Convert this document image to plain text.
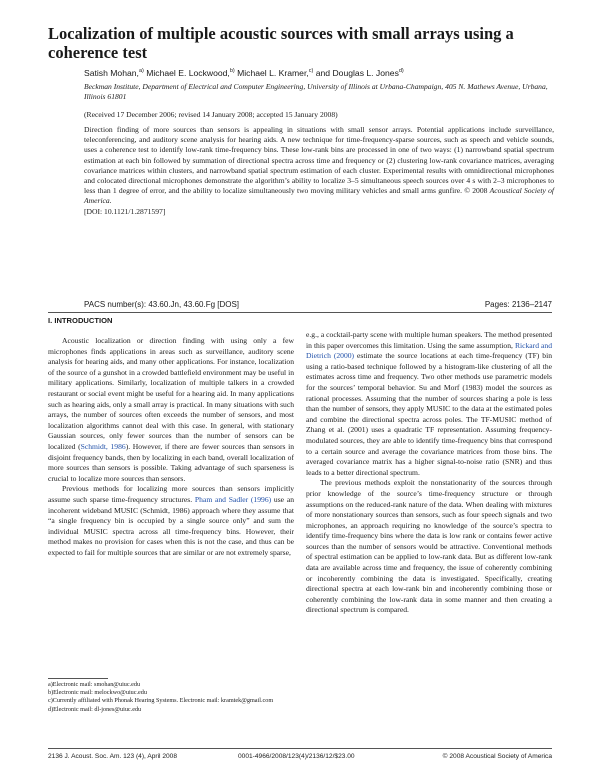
Localization of multiple acoustic sources with small arrays using a coherence test
Satish Mohan,$^{a)}$ Michael E. Lockwood,$^{b)}$ Michael L. Kramer,$^{c)}$ and Douglas L. Jones$^{d)}$
Beckman Institute, Department of Electrical and Computer Engineering, University of Illinois at Urbana-Champaign, 405 N. Mathews Avenue, Urbana, Illinois 61801
(Received 17 December 2006; revised 14 January 2008; accepted 15 January 2008)
Direction finding of more sources than sensors is appealing in situations with small sensor arrays. Potential applications include surveillance, teleconferencing, and auditory scene analysis for hearing aids. A new technique for time-frequency-sparse sources, such as speech and vehicle sounds, uses a coherence test to identify low-rank time-frequency bins. These low-rank bins are processed in one of two ways: (1) narrowband spatial spectrum estimation at each bin followed by summation of directional spectra across time and frequency or (2) clustering low-rank covariance matrices, averaging covariance matrices within clusters, and narrowband spatial spectrum estimation of each cluster. Experimental results with omnidirectional microphones and colocated directional microphones demonstrate the algorithm’s ability to localize 3–5 simultaneous speech sources over 4 s with 2–3 microphones to less than 1 degree of error, and the ability to localize simultaneously two moving military vehicles and small arms gunfire. © 2008 Acoustical Society of America.
[DOI: 10.1121/1.2871597]
PACS number(s): 43.60.Jn, 43.60.Fg [DOS]	Pages: 2136–2147
I. INTRODUCTION

Acoustic localization or direction finding with using only a few microphones finds applications in areas such as surveillance, auditory scene analysis for hearing aids, and many other applications. For instance, localization of the source of a gunshot in a crowded battlefield environment may be useful in military applications. Similarly, localization of multiple talkers in a crowded restaurant or social event might be useful for a hearing aid. In many applications such as hearing aids, only a small array is practical. In many situations with such arrays, the number of sources often exceeds the number of sensors, and most localization algorithms cannot deal with this case. In general, with stationary Gaussian sources, only fewer sources than the number of sensors can be localized (Schmidt, 1986). However, if there are fewer sources than sensors in disjoint frequency bands, then by localizing in each band, overall localization of more sources than sensors is possible. Taking advantage of such sparseness is crucial to localize more sources than sensors.

Previous methods for localizing more sources than sensors implicitly assume such sparse time-frequency structures. Pham and Sadler (1996) use an incoherent wideband MUSIC (Schmidt, 1986) approach where they assume that “a single frequency bin is occupied by a single source only” and sum the individual MUSIC spectra across all time-frequency bins. However, their method makes no provision for cases when this is not the case, and thus can be expected to fail for multiple sources that are similar or are not extremely sparse,

e.g., a cocktail-party scene with multiple human speakers. The method presented in this paper overcomes this limitation. Using the same assumption, Rickard and Dietrich (2000) estimate the source locations at each time-frequency (TF) bin using a ratio-based technique followed by a histogram-like clustering of all the estimates across time and frequency. Two other methods use parametric models for the sources’ temporal behavior. Su and Morf (1983) model the sources as rational processes. Assuming that the number of sources sharing a pole is less than the number of sensors, they apply MUSIC to the data at the estimated poles and combine the directional spectra across poles. The TF-MUSIC method of Zhang et al. (2001) uses a quadratic TF representation. Assuming frequency-modulated sources, they are able to identify time-frequency bins that correspond to a certain source and average the covariance matrices from those bins. The averaged covariance matrix has a higher signal-to-noise ratio (SNR) and thus leads to a better directional spectrum.

The previous methods exploit the nonstationarity of the sources through prior knowledge of the source’s time-frequency structure or through assumptions on the reduced-rank nature of the data. When dealing with mixtures of more nonstationary sources than sensors, such as four speech signals and two microphones, an approach requiring no knowledge of the source’s spectra to identify time-frequency bins where the data is low rank or contains fewer active sources than the number of sensors would be attractive. Conventional methods of spectral estimation can be applied to low-rank data. But as different low-rank data are available across time and frequency, the issue of coherently combining or incoherently combining the data is investigated. Specifically, creating directional spectra at each low-rank bin and incoherently combining those or coherently combining the low-rank data in some manner and then creating a directional spectrum is compared.

a)Electronic mail: smohan@uiuc.edu
b)Electronic mail: melockwo@uiuc.edu
c)Currently affiliated with Phonak Hearing Systems. Electronic mail: kramtek@gmail.com
d)Electronic mail: dl-jones@uiuc.edu
2136 J. Acoust. Soc. Am. 123 (4), April 2008	0001-4966/2008/123(4)/2136/12/$23.00	© 2008 Acoustical Society of America
